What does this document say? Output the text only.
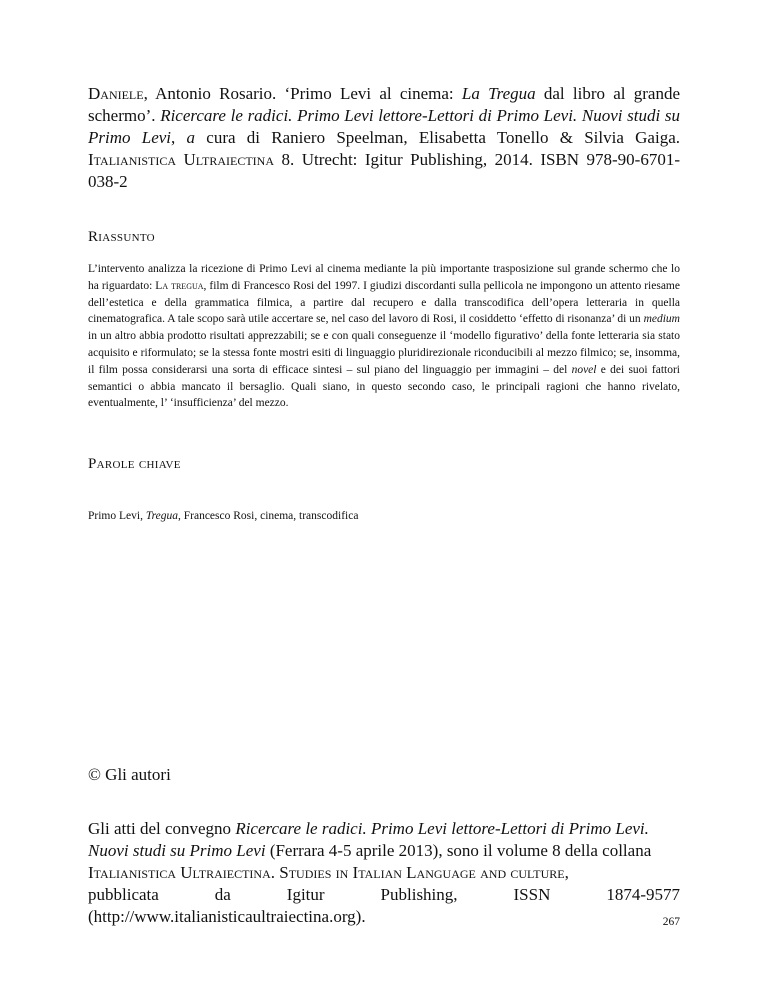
Daniele, Antonio Rosario. ‘Primo Levi al cinema: La Tregua dal libro al grande schermo’. Ricercare le radici. Primo Levi lettore-Lettori di Primo Levi. Nuovi studi su Primo Levi, a cura di Raniero Speelman, Elisabetta Tonello & Silvia Gaiga. Italianistica Ultraiectina 8. Utrecht: Igitur Publishing, 2014. ISBN 978-90-6701-038-2

Riassunto

L’intervento analizza la ricezione di Primo Levi al cinema mediante la più importante trasposizione sul grande schermo che lo ha riguardato: La tregua, film di Francesco Rosi del 1997. I giudizi discordanti sulla pellicola ne impongono un attento riesame dell’estetica e della grammatica filmica, a partire dal recupero e dalla transcodifica dell’opera letteraria in quella cinematografica. A tale scopo sarà utile accertare se, nel caso del lavoro di Rosi, il cosiddetto ‘effetto di risonanza’ di un medium in un altro abbia prodotto risultati apprezzabili; se e con quali conseguenze il ‘modello figurativo’ della fonte letteraria sia stato acquisito e riformulato; se la stessa fonte mostri esiti di linguaggio pluridirezionale riconducibili al mezzo filmico; se, insomma, il film possa considerarsi una sorta di efficace sintesi – sul piano del linguaggio per immagini – del novel e dei suoi fattori semantici o abbia mancato il bersaglio. Quali siano, in questo secondo caso, le principali ragioni che hanno rivelato, eventualmente, l’ ‘insufficienza’ del mezzo.

Parole chiave
Primo Levi, Tregua, Francesco Rosi, cinema, transcodifica
© Gli autori
Gli atti del convegno Ricercare le radici. Primo Levi lettore-Lettori di Primo Levi. Nuovi studi su Primo Levi (Ferrara 4-5 aprile 2013), sono il volume 8 della collana Italianistica Ultraiectina. Studies in Italian Language and culture,
pubblicata da Igitur Publishing, ISSN 1874-9577
(http://www.italianisticaultraiectina.org).	267
